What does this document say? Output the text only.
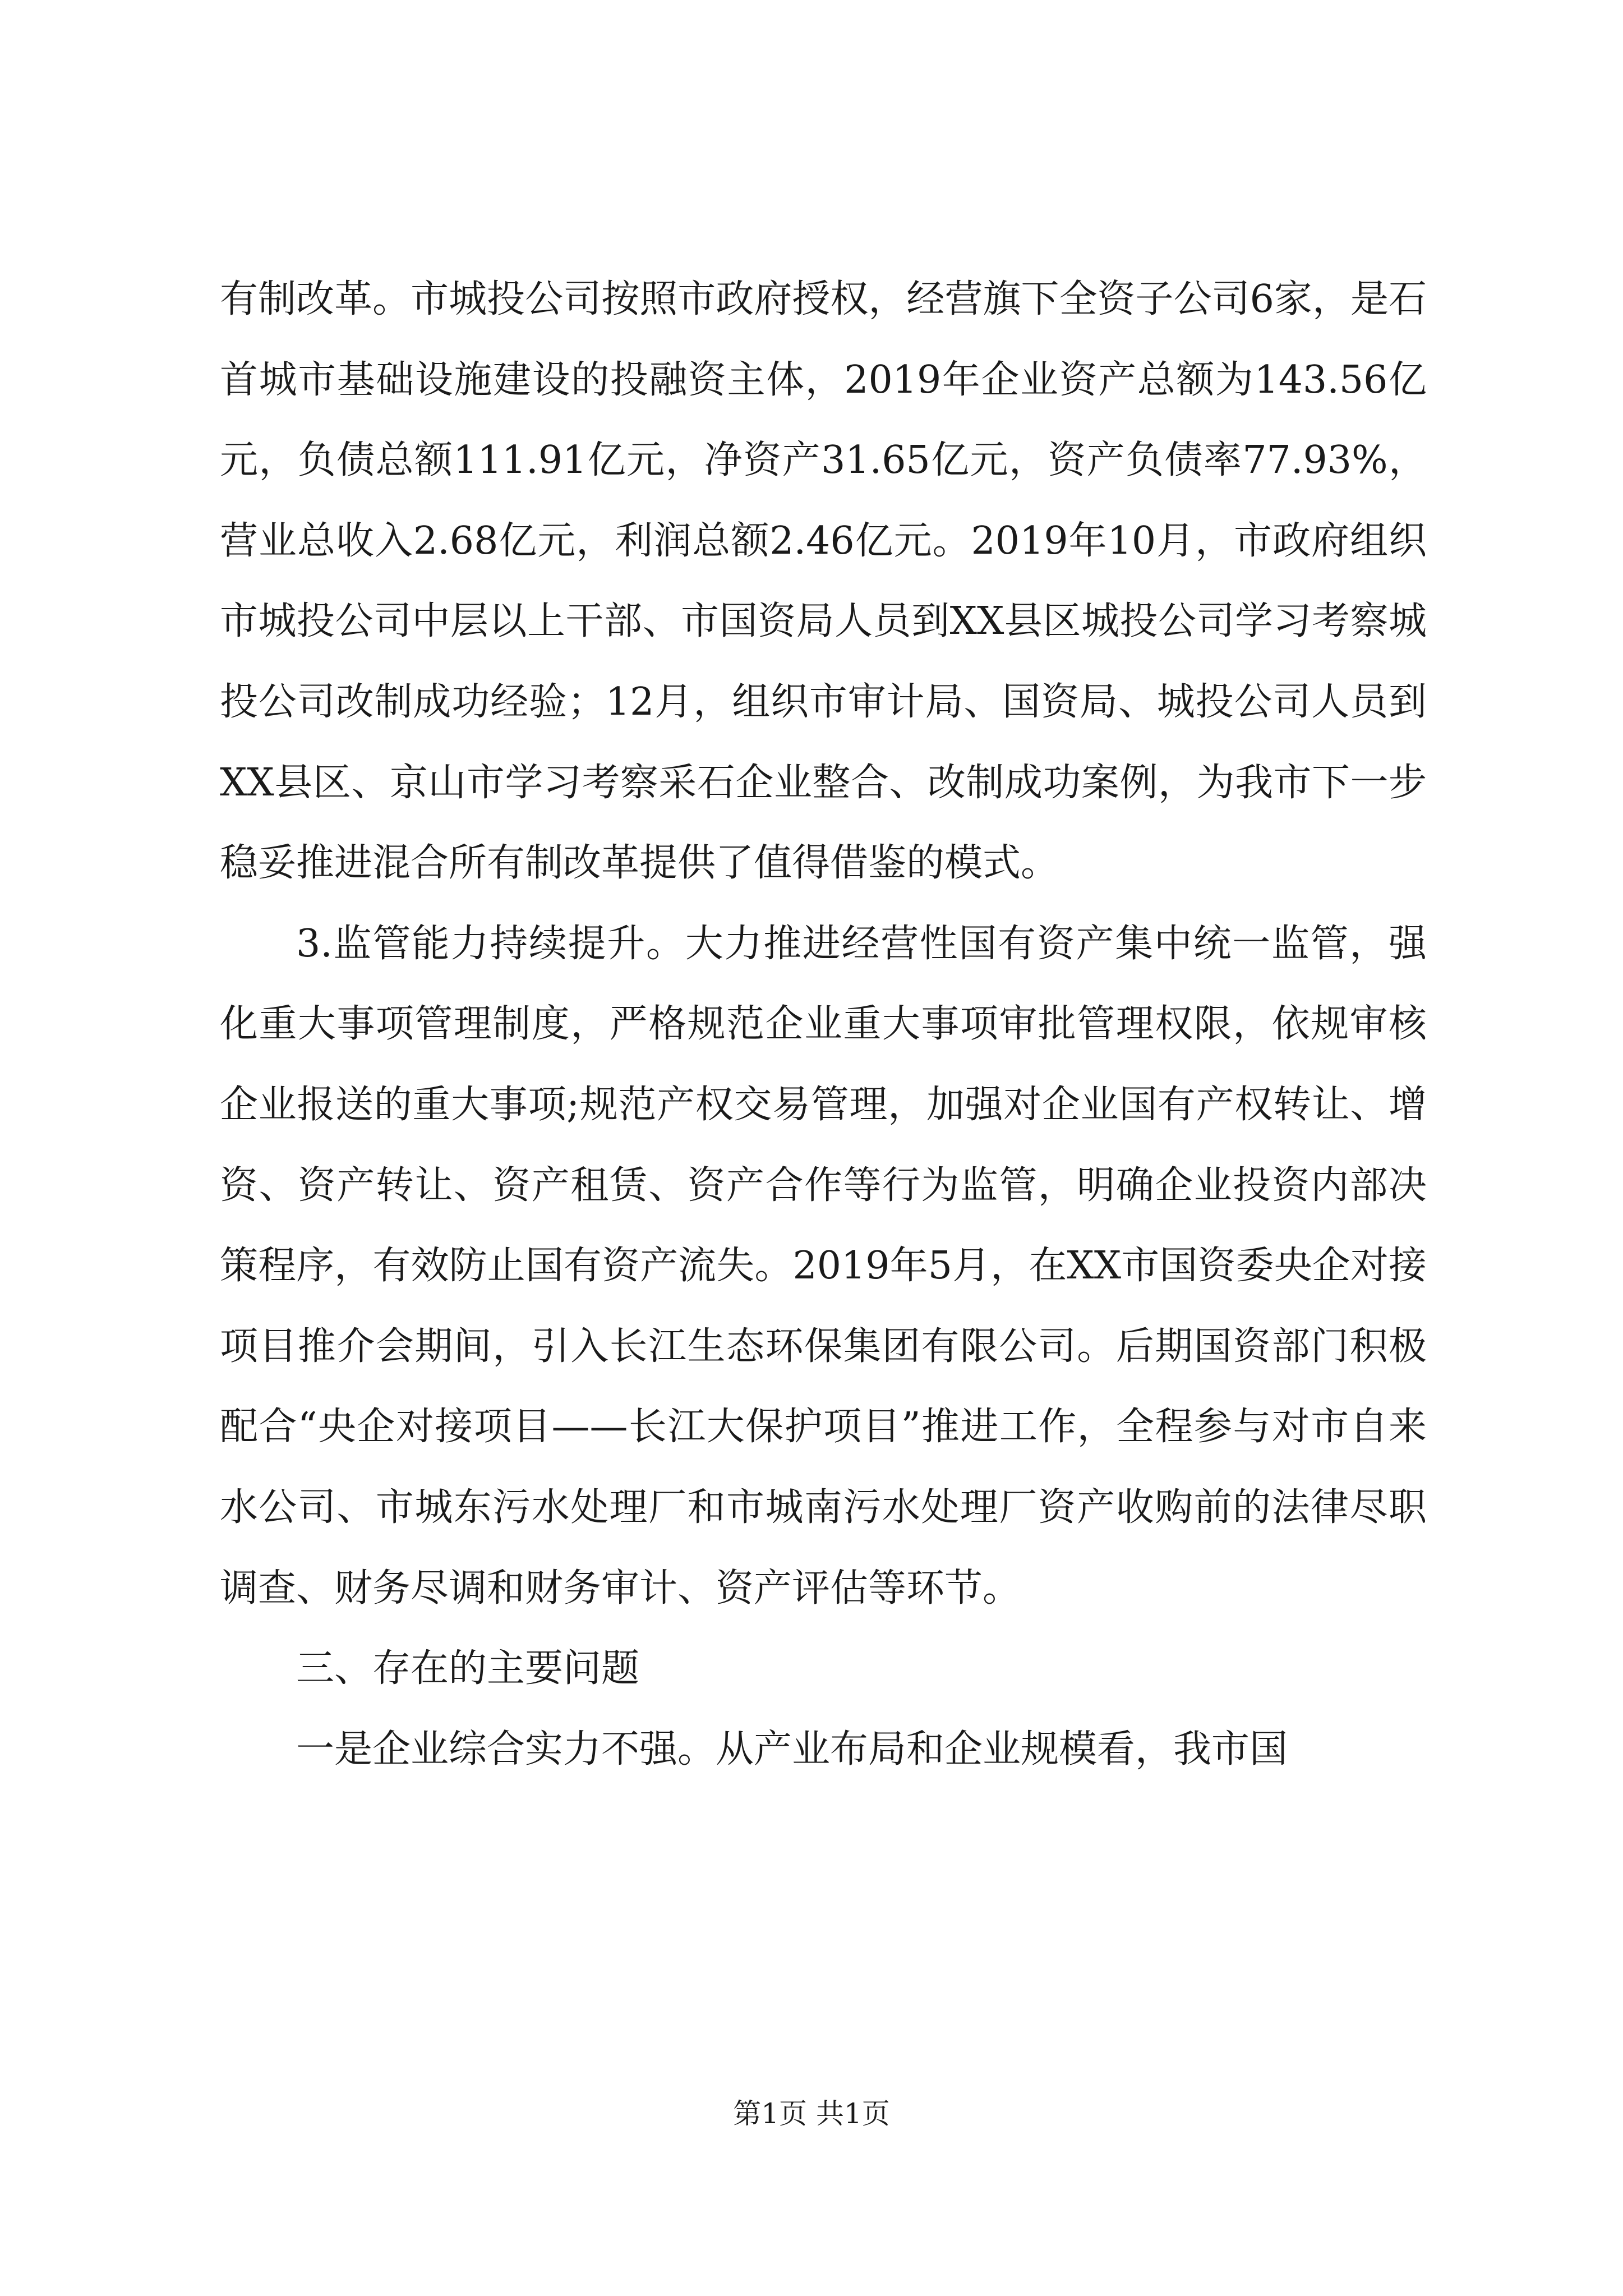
有制改革。市城投公司按照市政府授权，经营旗下全资子公司6家，是石首城市基础设施建设的投融资主体，2019年企业资产总额为143.56亿元，负债总额111.91亿元，净资产31.65亿元，资产负债率77.93%，营业总收入2.68亿元，利润总额2.46亿元。2019年10月，市政府组织市城投公司中层以上干部、市国资局人员到XX县区城投公司学习考察城投公司改制成功经验；12月，组织市审计局、国资局、城投公司人员到XX县区、京山市学习考察采石企业整合、改制成功案例，为我市下一步稳妥推进混合所有制改革提供了值得借鉴的模式。

3.监管能力持续提升。大力推进经营性国有资产集中统一监管，强化重大事项管理制度，严格规范企业重大事项审批管理权限，依规审核企业报送的重大事项;规范产权交易管理，加强对企业国有产权转让、增资、资产转让、资产租赁、资产合作等行为监管，明确企业投资内部决策程序，有效防止国有资产流失。2019年5月，在XX市国资委央企对接项目推介会期间，引入长江生态环保集团有限公司。后期国资部门积极配合“央企对接项目——长江大保护项目”推进工作，全程参与对市自来水公司、市城东污水处理厂和市城南污水处理厂资产收购前的法律尽职调查、财务尽调和财务审计、资产评估等环节。

三、存在的主要问题

一是企业综合实力不强。从产业布局和企业规模看，我市国

第1页 共1页
